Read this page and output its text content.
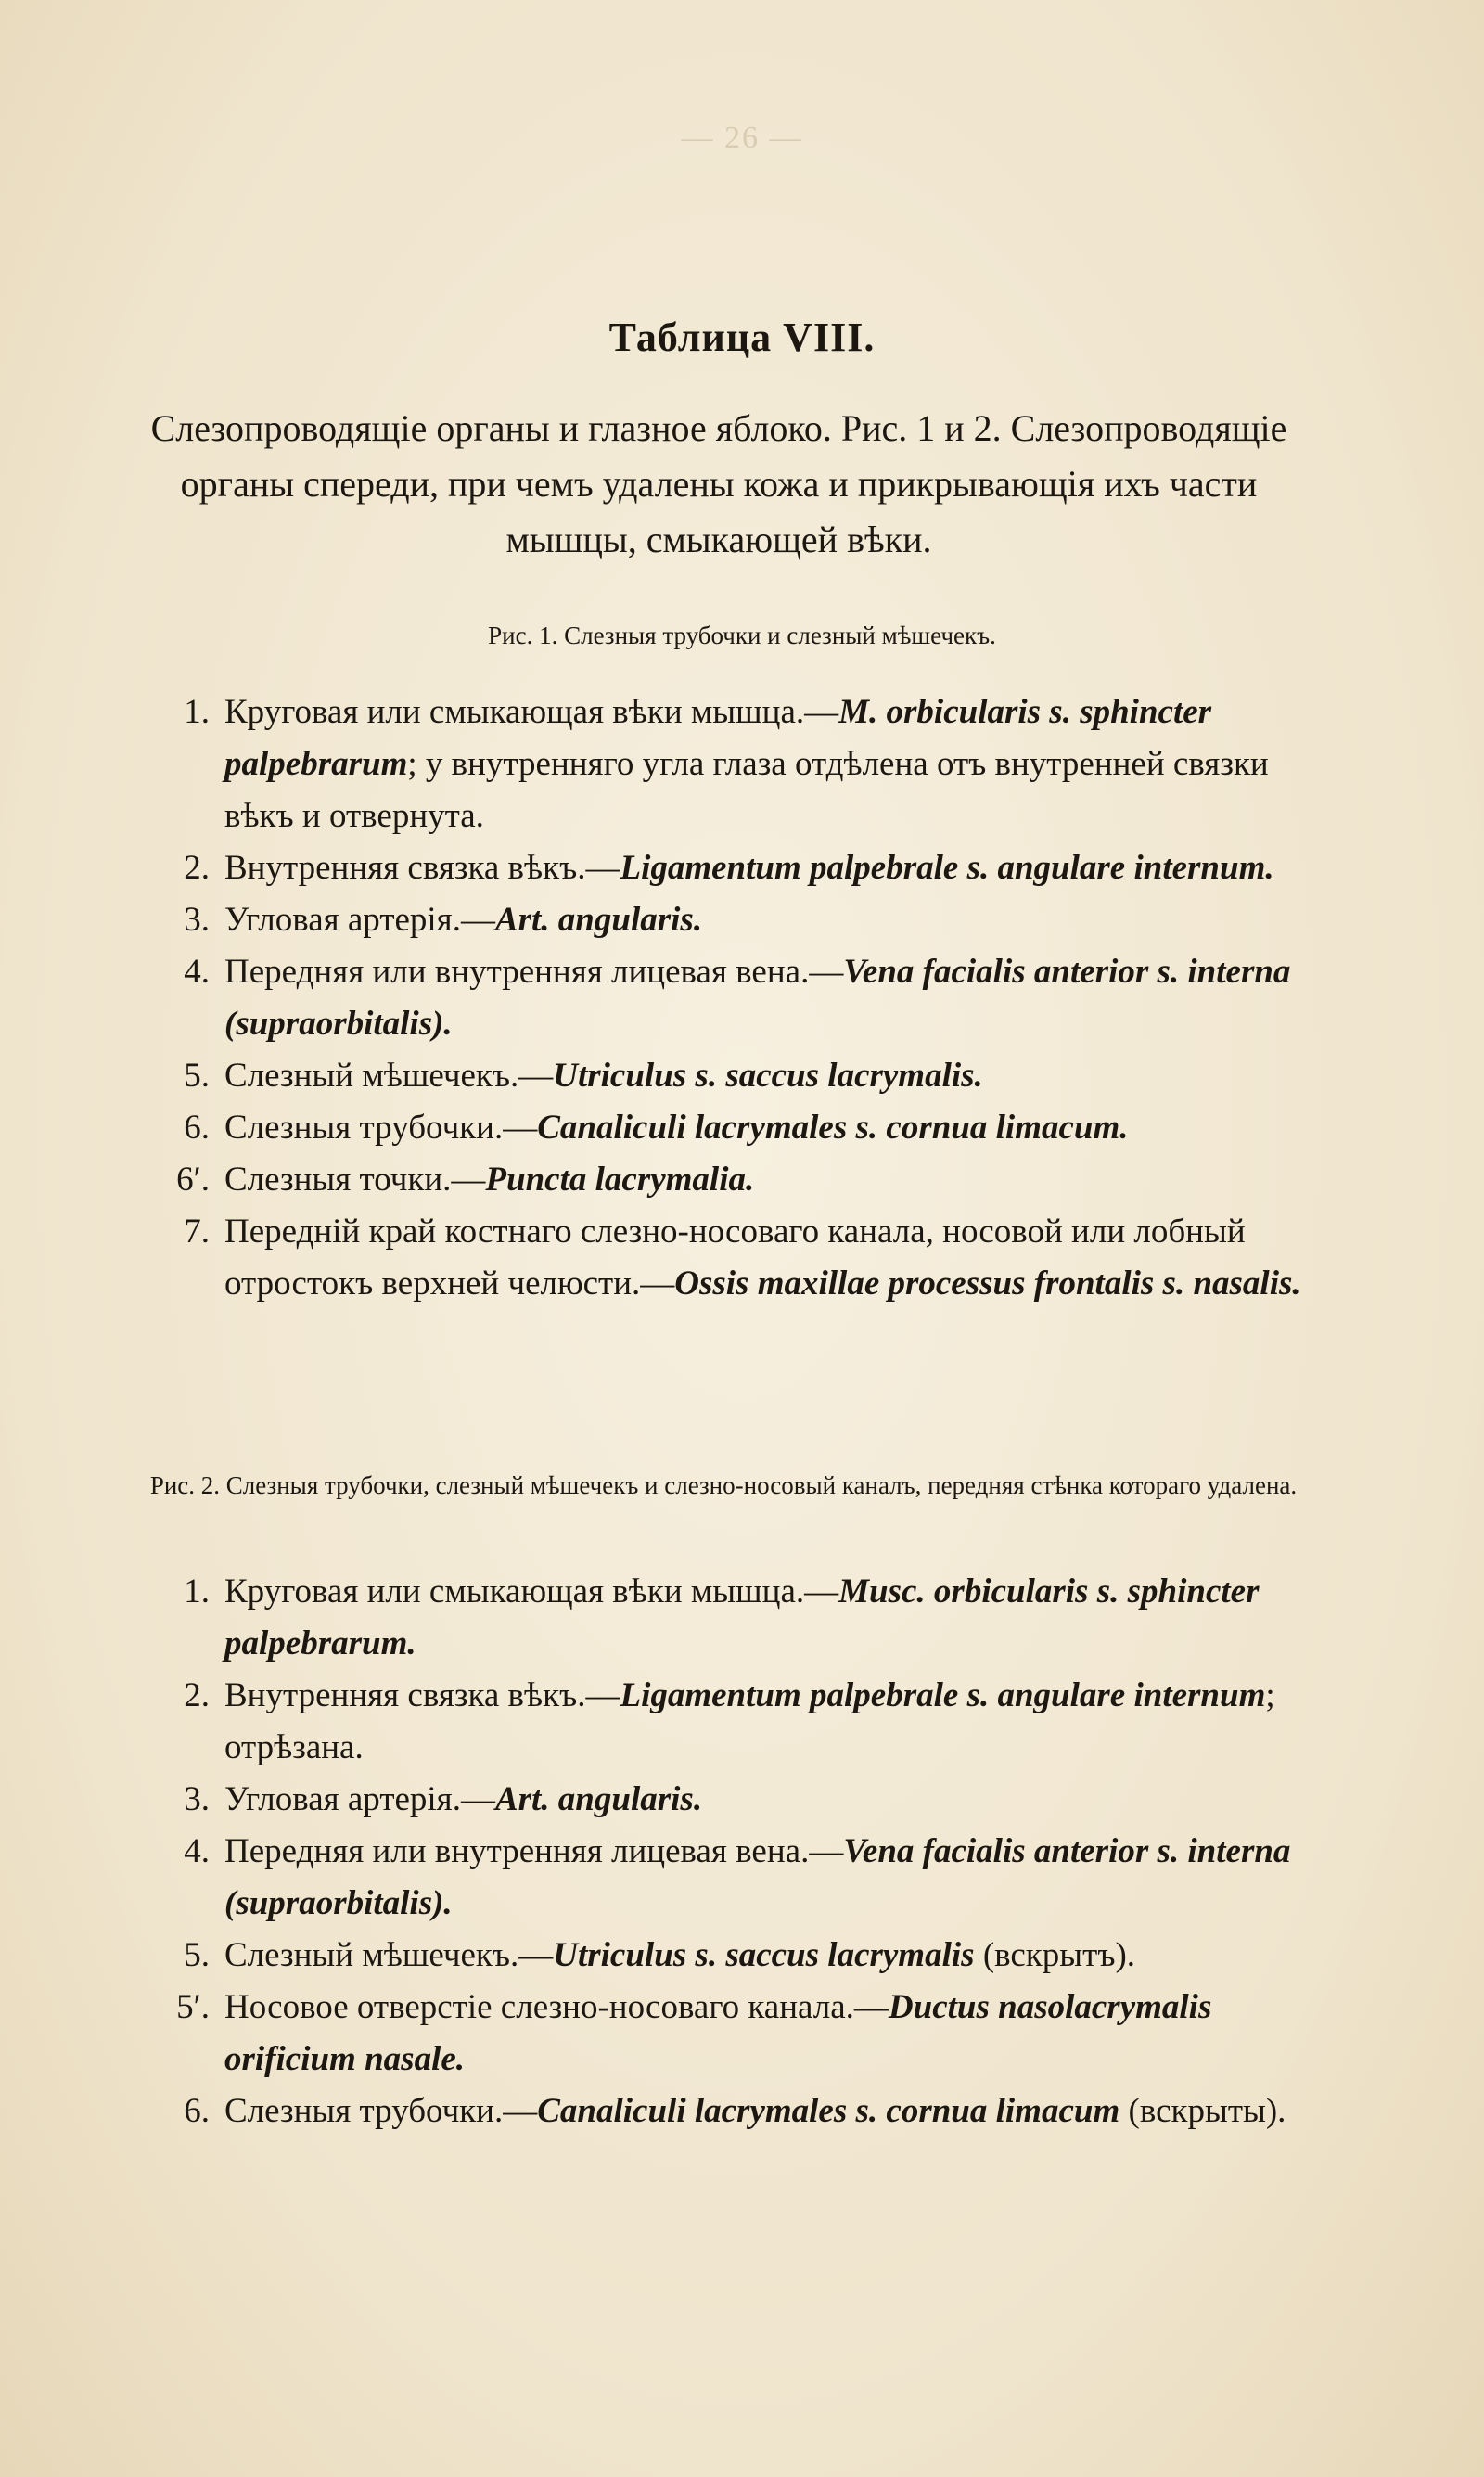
— 26 —
Таблица VIII.
Слезопроводящіе органы и глазное яблоко. Рис. 1 и 2. Слезопроводящіе органы спереди, при чемъ удалены кожа и прикрывающія ихъ части мышцы, смыкающей вѣки.
Рис. 1. Слезныя трубочки и слезный мѣшечекъ.
1. Круговая или смыкающая вѣки мышца.—M. orbicularis s. sphincter palpebrarum; у внутренняго угла глаза отдѣлена отъ внутренней связки вѣкъ и отвернута.
2. Внутренняя связка вѣкъ.—Ligamentum palpebrale s. angulare internum.
3. Угловая артерія.—Art. angularis.
4. Передняя или внутренняя лицевая вена.—Vena facialis anterior s. interna (supraorbitalis).
5. Слезный мѣшечекъ.—Utriculus s. saccus lacrymalis.
6. Слезныя трубочки.—Canaliculi lacrymales s. cornua limacum.
6′. Слезныя точки.—Puncta lacrymalia.
7. Передній край костнаго слезно-носоваго канала, носовой или лобный отростокъ верхней челюсти.—Ossis maxillae processus frontalis s. nasalis.
Рис. 2. Слезныя трубочки, слезный мѣшечекъ и слезно-носовый каналъ, передняя стѣнка котораго удалена.
1. Круговая или смыкающая вѣки мышца.—Musc. orbicularis s. sphincter palpebrarum.
2. Внутренняя связка вѣкъ.—Ligamentum palpebrale s. angulare internum; отрѣзана.
3. Угловая артерія.—Art. angularis.
4. Передняя или внутренняя лицевая вена.—Vena facialis anterior s. interna (supraorbitalis).
5. Слезный мѣшечекъ.—Utriculus s. saccus lacrymalis (вскрытъ).
5′. Носовое отверстіе слезно-носоваго канала.—Ductus nasolacrymalis orificium nasale.
6. Слезныя трубочки.—Canaliculi lacrymales s. cornua limacum (вскрыты).
